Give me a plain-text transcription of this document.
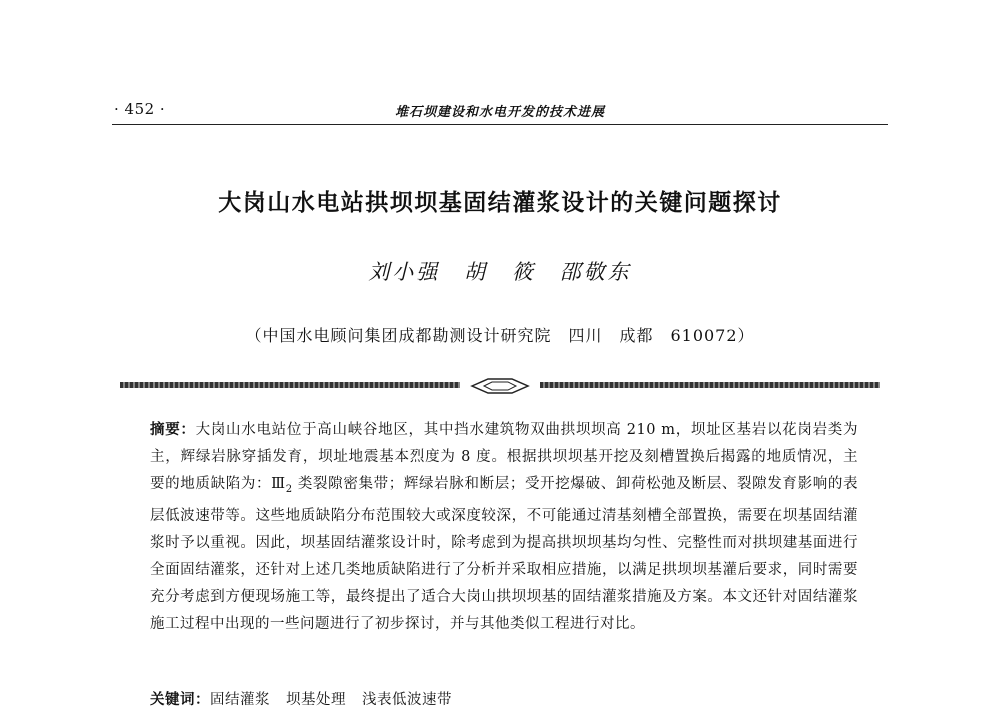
· 452 ·	堆石坝建设和水电开发的技术进展
大岗山水电站拱坝坝基固结灌浆设计的关键问题探讨
刘小强 胡　筱 邵敬东
（中国水电顾问集团成都勘测设计研究院　四川　成都　610072）
摘要：大岗山水电站位于高山峡谷地区，其中挡水建筑物双曲拱坝坝高 210 m，坝址区基岩以花岗岩类为主，辉绿岩脉穿插发育，坝址地震基本烈度为 8 度。根据拱坝坝基开挖及刻槽置换后揭露的地质情况，主要的地质缺陷为：$Ⅲ_2$ 类裂隙密集带；辉绿岩脉和断层；受开挖爆破、卸荷松弛及断层、裂隙发育影响的表层低波速带等。这些地质缺陷分布范围较大或深度较深，不可能通过清基刻槽全部置换，需要在坝基固结灌浆时予以重视。因此，坝基固结灌浆设计时，除考虑到为提高拱坝坝基均匀性、完整性而对拱坝建基面进行全面固结灌浆，还针对上述几类地质缺陷进行了分析并采取相应措施，以满足拱坝坝基灌后要求，同时需要充分考虑到方便现场施工等，最终提出了适合大岗山拱坝坝基的固结灌浆措施及方案。本文还针对固结灌浆施工过程中出现的一些问题进行了初步探讨，并与其他类似工程进行对比。
关键词：固结灌浆 坝基处理 浅表低波速带
